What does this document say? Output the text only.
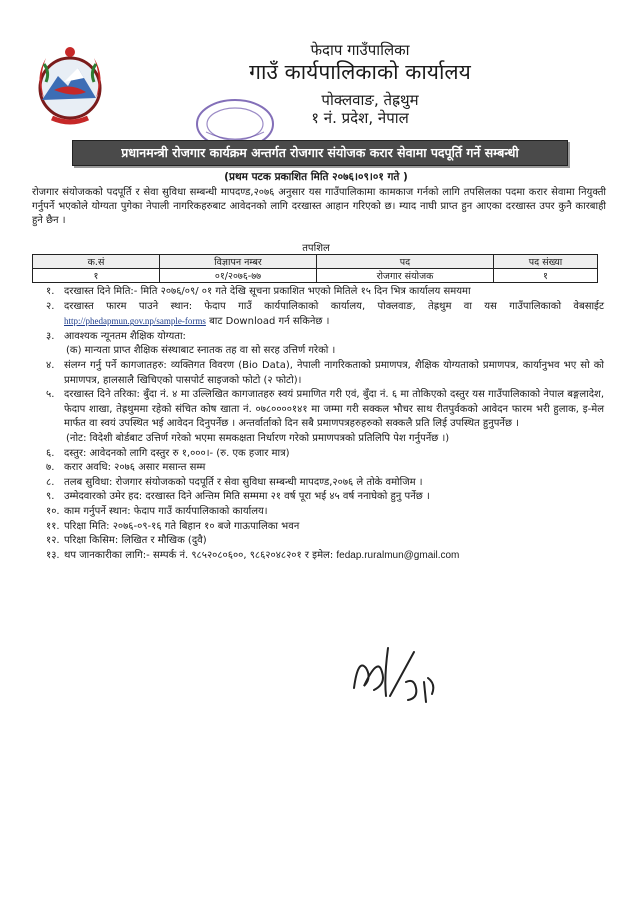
फेदाप गाउँपालिका
गाउँ कार्यपालिकाको कार्यालय
पोक्लवाङ, तेह्रथुम
१ नं. प्रदेश, नेपाल
प्रधानमन्त्री रोजगार कार्यक्रम अन्तर्गत रोजगार संयोजक करार सेवामा पदपूर्ति गर्ने सम्बन्धी
(प्रथम पटक प्रकाशित मिति २०७६।०९।०१ गते )
रोजगार संयोजकको पदपूर्ति र सेवा सुविधा सम्बन्धी मापदण्ड,२०७६ अनुसार यस गाउँपालिकामा कामकाज गर्नको लागि तपसिलका पदमा करार सेवामा नियुक्ती गर्नुपर्ने भएकोले योग्यता पुगेका नेपाली नागरिकहरुबाट आवेदनको लागि दरखास्त आहान गरिएको छ। म्याद नाघी प्राप्त हुन आएका दरखास्त उपर कुनै कारबाही हुने छैन ।
तपशिल
क.सं	विज्ञापन नम्बर	पद	पद संख्या
१	०१/२०७६-७७	रोजगार संयोजक	१
१. दरखास्त दिने मिति:- मिति २०७६/०९/ ०१ गते देखि सूचना प्रकाशित भएको मितिले १५ दिन भित्र कार्यालय समयमा
२. दरखास्त फारम पाउने स्थान: फेदाप गाउँ कार्यपालिकाको कार्यालय, पोक्लवाङ, तेह्रथुम वा यस गाउँपालिकाको वेबसाईट http://phedapmun.gov.np/sample-forms बाट Download गर्न सकिनेछ ।
३. आवश्यक न्यूनतम शैक्षिक योग्यता:
(क) मान्यता प्राप्त शैक्षिक संस्थाबाट स्नातक तह वा सो सरह उत्तिर्ण गरेको ।
४. संलग्न गर्नु पर्ने कागजातहरु: व्यक्तिगत विवरण (Bio Data), नेपाली नागरिकताको प्रमाणपत्र, शैक्षिक योग्यताको प्रमाणपत्र, कार्यानुभव भए सो को प्रमाणपत्र, हालसालै खिचिएको पासपोर्ट साइजको फोटो (२ फोटो)।
५. दरखास्त दिने तरिका: बुँदा नं. ४ मा उल्लिखित कागजातहरु स्वयं प्रमाणित गरी एवं, बुँदा नं. ६ मा तोकिएको दस्तुर यस गाउँपालिकाको नेपाल बङ्गलादेश, फेदाप शाखा, तेह्रथुममा रहेको संचित कोष खाता नं. ०७८००००१४१ मा जम्मा गरी सक्कल भौचर साथ रीतपुर्वकको आवेदन फारम भरी हुलाक, इ-मेल मार्फत वा स्वयं उपस्थित भई आवेदन दिनुपर्नेछ । अन्तर्वार्ताको दिन सबै प्रमाणपत्रहरुहरुको सक्कलै प्रति लिई उपस्थित हुनुपर्नेछ ।
(नोट: विदेशी बोर्डबाट उत्तिर्ण गरेको भएमा समकक्षता निर्धारण गरेको प्रमाणपत्रको प्रतिलिपि पेश गर्नुपर्नेछ ।)
६. दस्तुर: आवेदनको लागि दस्तुर रु १,०००।- (रु. एक हजार मात्र)
७. करार अवधि: २०७६ असार मसान्त सम्म
८. तलब सुविधा: रोजगार संयोजकको पदपूर्ति र सेवा सुविधा सम्बन्धी मापदण्ड,२०७६ ले तोके वमोजिम ।
९. उम्मेदवारको उमेर हद: दरखास्त दिने अन्तिम मिति सम्ममा २१ वर्ष पूरा भई ४५ वर्ष ननाघेको हुनु पर्नेछ ।
१०. काम गर्नुपर्ने स्थान: फेदाप गाउँ कार्यपालिकाको कार्यालय।
११. परिक्षा मिति: २०७६-०९-१६ गते बिहान १० बजे गाऊपालिका भवन
१२. परिक्षा किसिम: लिखित र मौखिक (दुवै)
१३. थप जानकारीका लागि:- सम्पर्क नं. ९८५२०८०६००, ९८६२०४८२०१ र इमेल: fedap.ruralmun@gmail.com
